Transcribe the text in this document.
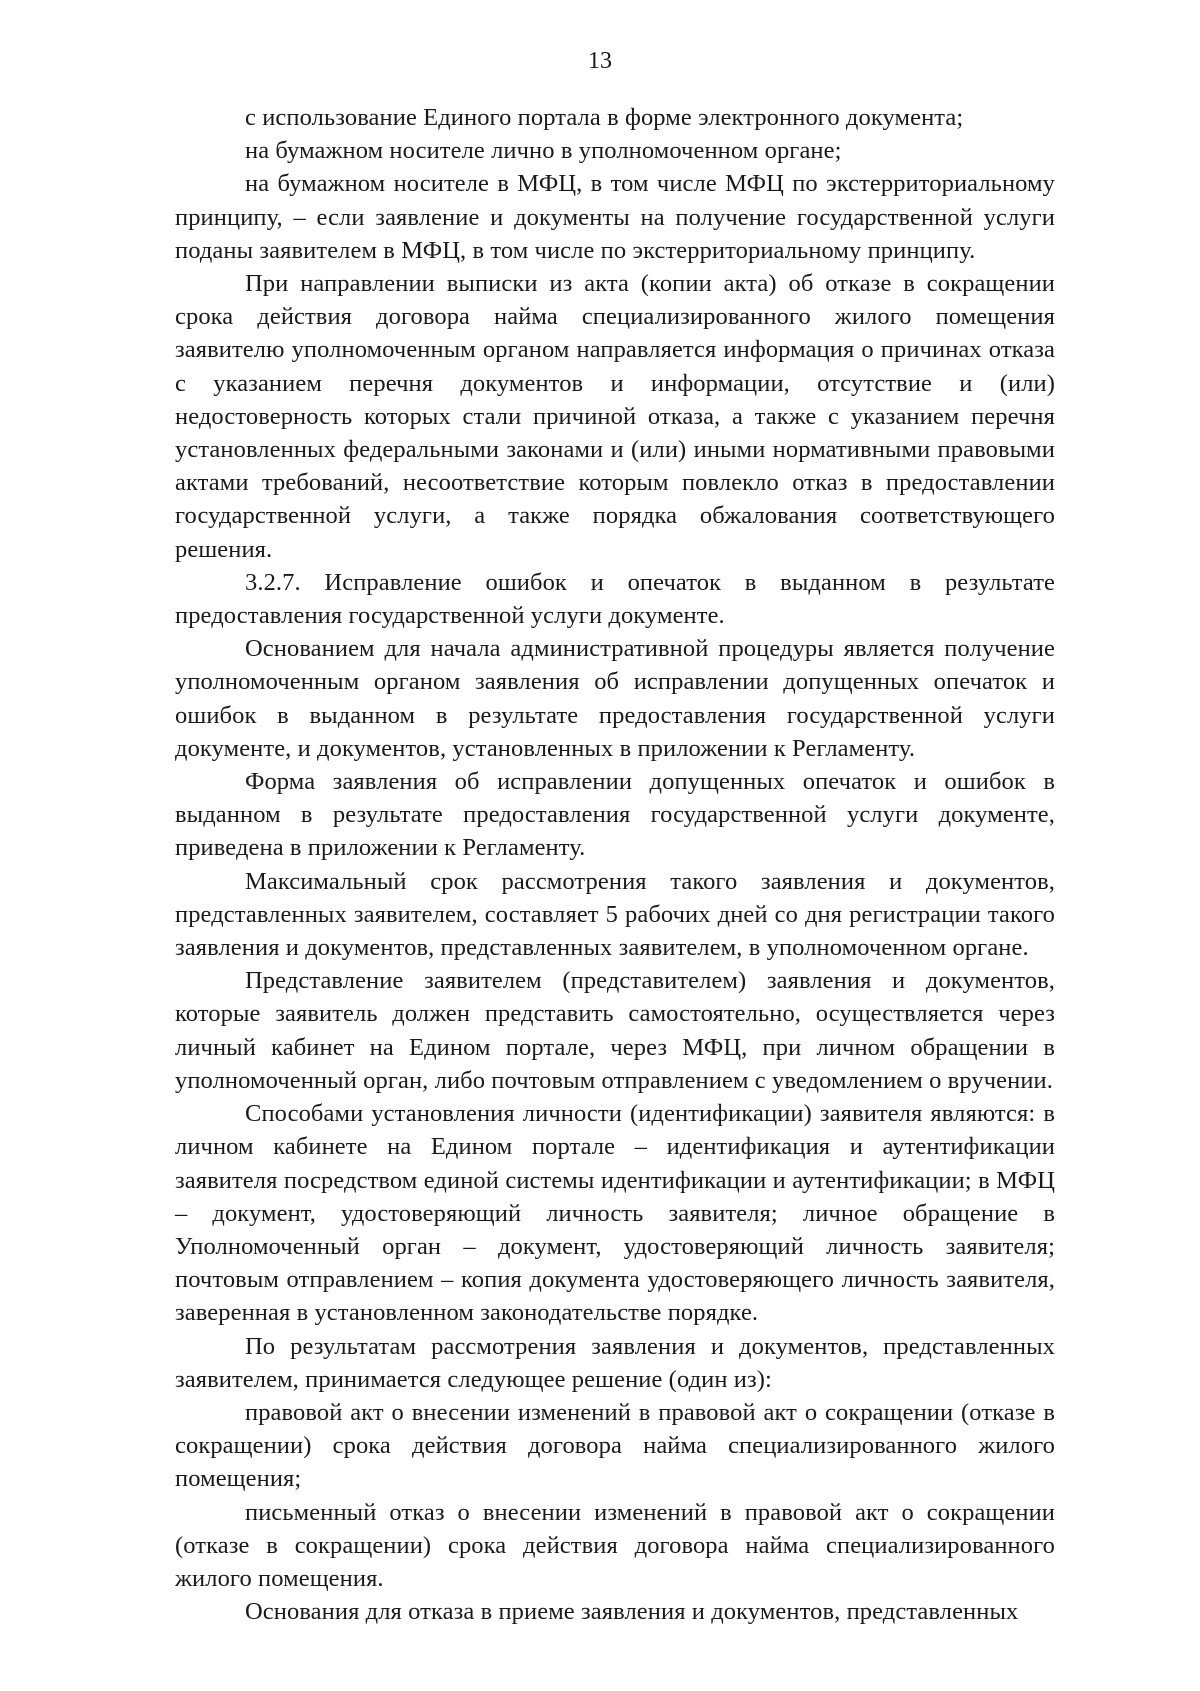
13

с использование Единого портала в форме электронного документа;

на бумажном носителе лично в уполномоченном органе;

на бумажном носителе в МФЦ, в том числе МФЦ по экстерриториальному принципу, – если заявление и документы на получение государственной услуги поданы заявителем в МФЦ, в том числе по экстерриториальному принципу.

При направлении выписки из акта (копии акта) об отказе в сокращении срока действия договора найма специализированного жилого помещения заявителю уполномоченным органом направляется информация о причинах отказа с указанием перечня документов и информации, отсутствие и (или) недостоверность которых стали причиной отказа, а также с указанием перечня установленных федеральными законами и (или) иными нормативными правовыми актами требований, несоответствие которым повлекло отказ в предоставлении государственной услуги, а также порядка обжалования соответствующего решения.

3.2.7. Исправление ошибок и опечаток в выданном в результате предоставления государственной услуги документе.

Основанием для начала административной процедуры является получение уполномоченным органом заявления об исправлении допущенных опечаток и ошибок в выданном в результате предоставления государственной услуги документе, и документов, установленных в приложении к Регламенту.

Форма заявления об исправлении допущенных опечаток и ошибок в выданном в результате предоставления государственной услуги документе, приведена в приложении к Регламенту.

Максимальный срок рассмотрения такого заявления и документов, представленных заявителем, составляет 5 рабочих дней со дня регистрации такого заявления и документов, представленных заявителем, в уполномоченном органе.

Представление заявителем (представителем) заявления и документов, которые заявитель должен представить самостоятельно, осуществляется через личный кабинет на Едином портале, через МФЦ, при личном обращении в уполномоченный орган, либо почтовым отправлением с уведомлением о вручении.

Способами установления личности (идентификации) заявителя являются: в личном кабинете на Едином портале – идентификация и аутентификации заявителя посредством единой системы идентификации и аутентификации; в МФЦ – документ, удостоверяющий личность заявителя; личное обращение в Уполномоченный орган – документ, удостоверяющий личность заявителя; почтовым отправлением – копия документа удостоверяющего личность заявителя, заверенная в установленном законодательстве порядке.

По результатам рассмотрения заявления и документов, представленных заявителем, принимается следующее решение (один из):

правовой акт о внесении изменений в правовой акт о сокращении (отказе в сокращении) срока действия договора найма специализированного жилого помещения;

письменный отказ о внесении изменений в правовой акт о сокращении (отказе в сокращении) срока действия договора найма специализированного жилого помещения.

Основания для отказа в приеме заявления и документов, представленных
